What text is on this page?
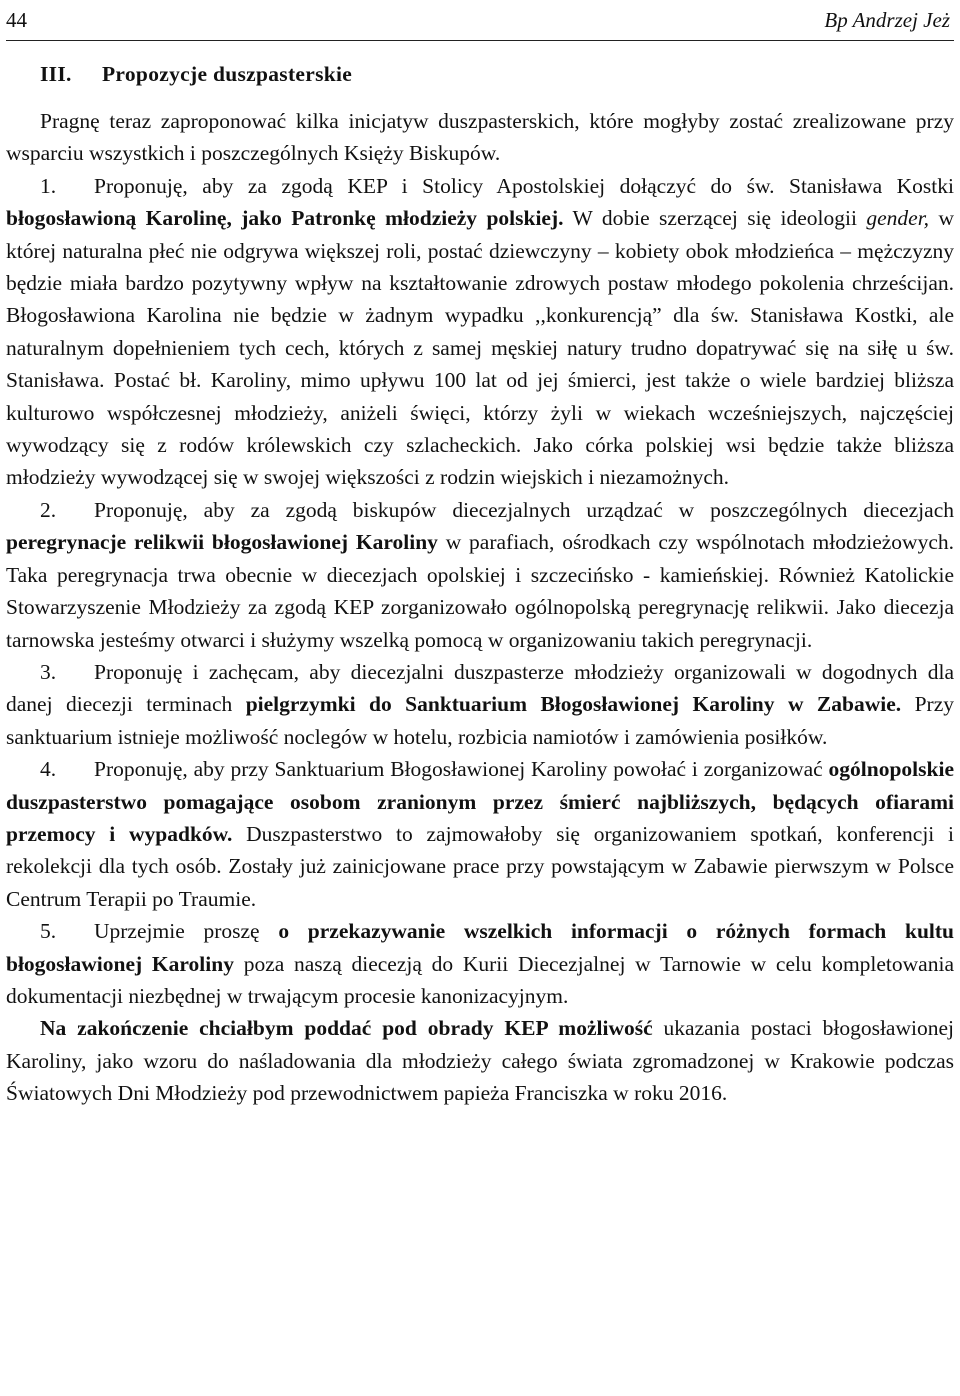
44	Bp Andrzej Jeż
III. Propozycje duszpasterskie

Pragnę teraz zaproponować kilka inicjatyw duszpasterskich, które mogłyby zostać zrealizowane przy wsparciu wszystkich i poszczególnych Księży Biskupów.

1. Proponuję, aby za zgodą KEP i Stolicy Apostolskiej dołączyć do św. Stanisława Kostki błogosławioną Karolinę, jako Patronkę młodzieży polskiej. W dobie szerzącej się ideologii gender, w której naturalna płeć nie odgrywa większej roli, postać dziewczyny – kobiety obok młodzieńca – mężczyzny będzie miała bardzo pozytywny wpływ na kształtowanie zdrowych postaw młodego pokolenia chrześcijan. Błogosławiona Karolina nie będzie w żadnym wypadku ,,konkurencją” dla św. Stanisława Kostki, ale naturalnym dopełnieniem tych cech, których z samej męskiej natury trudno dopatrywać się na siłę u św. Stanisława. Postać bł. Karoliny, mimo upływu 100 lat od jej śmierci, jest także o wiele bardziej bliższa kulturowo współczesnej młodzieży, aniżeli święci, którzy żyli w wiekach wcześniejszych, najczęściej wywodzący się z rodów królewskich czy szlacheckich. Jako córka polskiej wsi będzie także bliższa młodzieży wywodzącej się w swojej większości z rodzin wiejskich i niezamożnych.

2. Proponuję, aby za zgodą biskupów diecezjalnych urządzać w poszczególnych diecezjach peregrynacje relikwii błogosławionej Karoliny w parafiach, ośrodkach czy wspólnotach młodzieżowych. Taka peregrynacja trwa obecnie w diecezjach opolskiej i szczecińsko - kamieńskiej. Również Katolickie Stowarzyszenie Młodzieży za zgodą KEP zorganizowało ogólnopolską peregrynację relikwii. Jako diecezja tarnowska jesteśmy otwarci i służymy wszelką pomocą w organizowaniu takich peregrynacji.

3. Proponuję i zachęcam, aby diecezjalni duszpasterze młodzieży organizowali w dogodnych dla danej diecezji terminach pielgrzymki do Sanktuarium Błogosławionej Karoliny w Zabawie. Przy sanktuarium istnieje możliwość noclegów w hotelu, rozbicia namiotów i zamówienia posiłków.

4. Proponuję, aby przy Sanktuarium Błogosławionej Karoliny powołać i zorganizować ogólnopolskie duszpasterstwo pomagające osobom zranionym przez śmierć najbliższych, będących ofiarami przemocy i wypadków. Duszpasterstwo to zajmowałoby się organizowaniem spotkań, konferencji i rekolekcji dla tych osób. Zostały już zainicjowane prace przy powstającym w Zabawie pierwszym w Polsce Centrum Terapii po Traumie.

5. Uprzejmie proszę o przekazywanie wszelkich informacji o różnych formach kultu błogosławionej Karoliny poza naszą diecezją do Kurii Diecezjalnej w Tarnowie w celu kompletowania dokumentacji niezbędnej w trwającym procesie kanonizacyjnym.

Na zakończenie chciałbym poddać pod obrady KEP możliwość ukazania postaci błogosławionej Karoliny, jako wzoru do naśladowania dla młodzieży całego świata zgromadzonej w Krakowie podczas Światowych Dni Młodzieży pod przewodnictwem papieża Franciszka w roku 2016.
